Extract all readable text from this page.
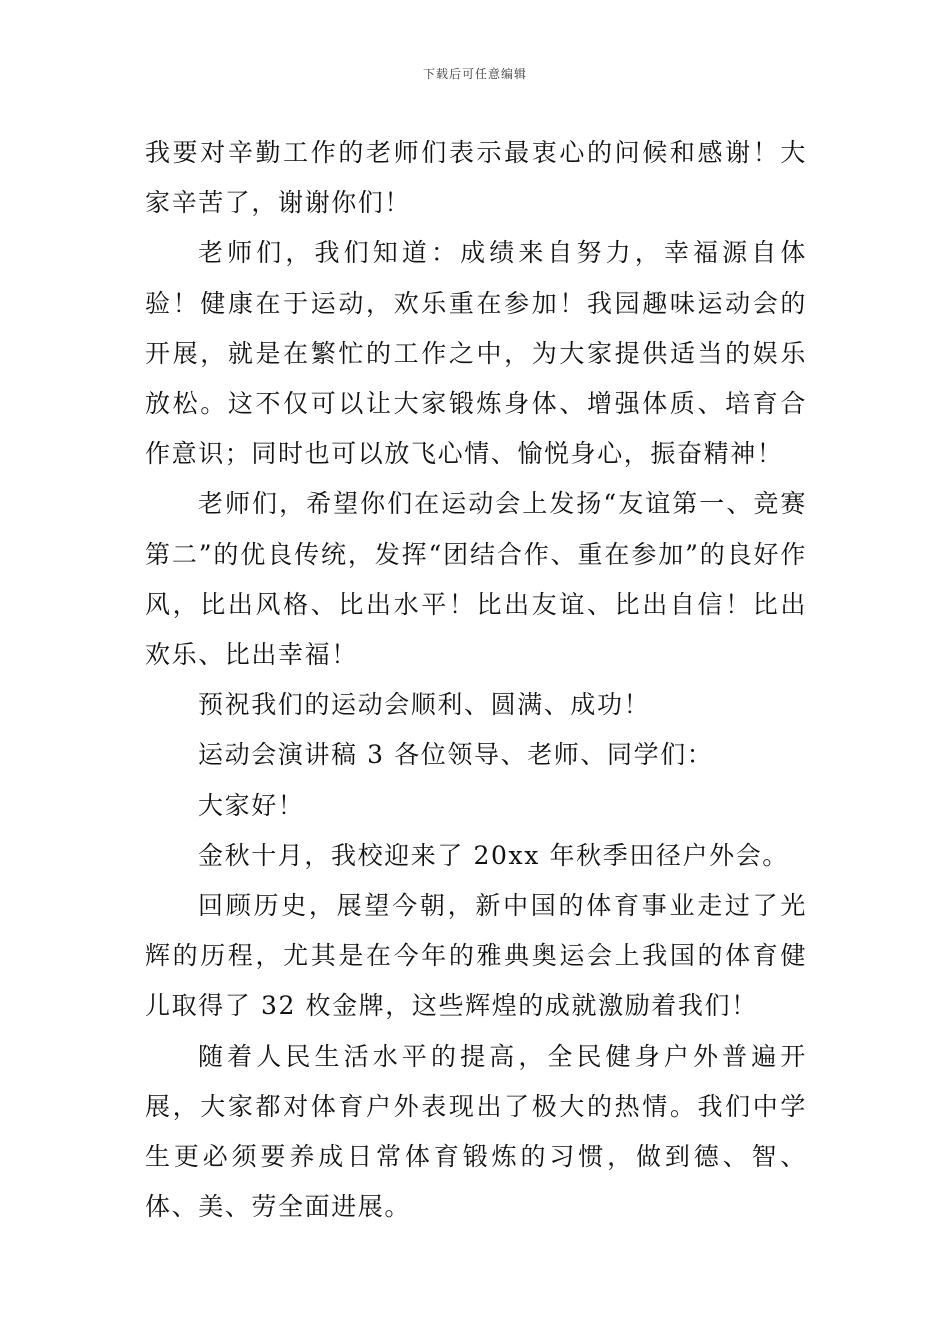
下载后可任意编辑

我要对辛勤工作的老师们表示最衷心的问候和感谢！大家辛苦了，谢谢你们！

老师们，我们知道：成绩来自努力，幸福源自体验！健康在于运动，欢乐重在参加！我园趣味运动会的开展，就是在繁忙的工作之中，为大家提供适当的娱乐放松。这不仅可以让大家锻炼身体、增强体质、培育合作意识；同时也可以放飞心情、愉悦身心，振奋精神！

老师们，希望你们在运动会上发扬“友谊第一、竞赛第二”的优良传统，发挥“团结合作、重在参加”的良好作风，比出风格、比出水平！比出友谊、比出自信！比出欢乐、比出幸福！

预祝我们的运动会顺利、圆满、成功！

运动会演讲稿 3 各位领导、老师、同学们：

大家好！

金秋十月，我校迎来了 20xx 年秋季田径户外会。

回顾历史，展望今朝，新中国的体育事业走过了光辉的历程，尤其是在今年的雅典奥运会上我国的体育健儿取得了 32 枚金牌，这些辉煌的成就激励着我们！

随着人民生活水平的提高，全民健身户外普遍开展，大家都对体育户外表现出了极大的热情。我们中学生更必须要养成日常体育锻炼的习惯，做到德、智、体、美、劳全面进展。
